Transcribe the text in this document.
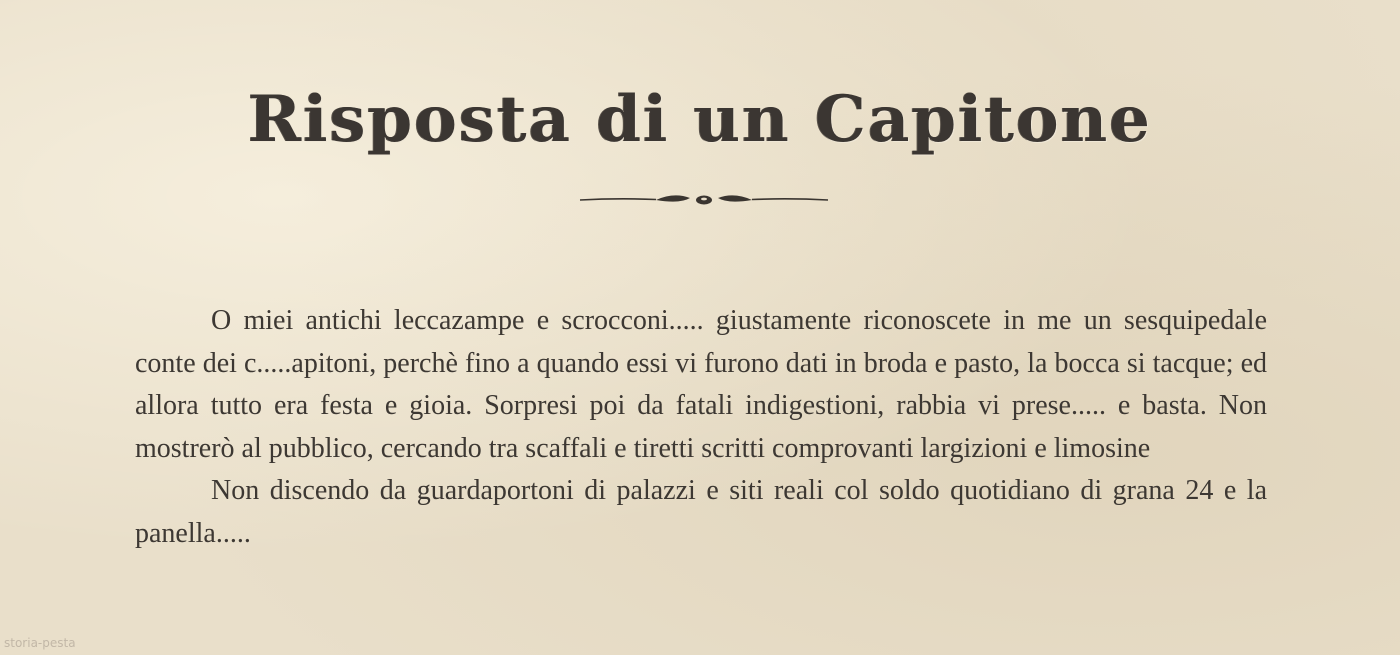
Risposta di un Capitone

O miei antichi leccazampe e scrocconi..... giustamente riconoscete in me un sesquipedale conte dei c.....apitoni, perchè fino a quando essi vi furono dati in broda e pasto, la bocca si tacque; ed allora tutto era festa e gioia. Sorpresi poi da fatali indigestioni, rabbia vi prese..... e basta. Non mostrerò al pubblico, cercando tra scaffali e tiretti scritti comprovanti largizioni e limosine

Non discendo da guardaportoni di palazzi e siti reali col soldo quotidiano di grana 24 e la panella.....

storia-pesta
